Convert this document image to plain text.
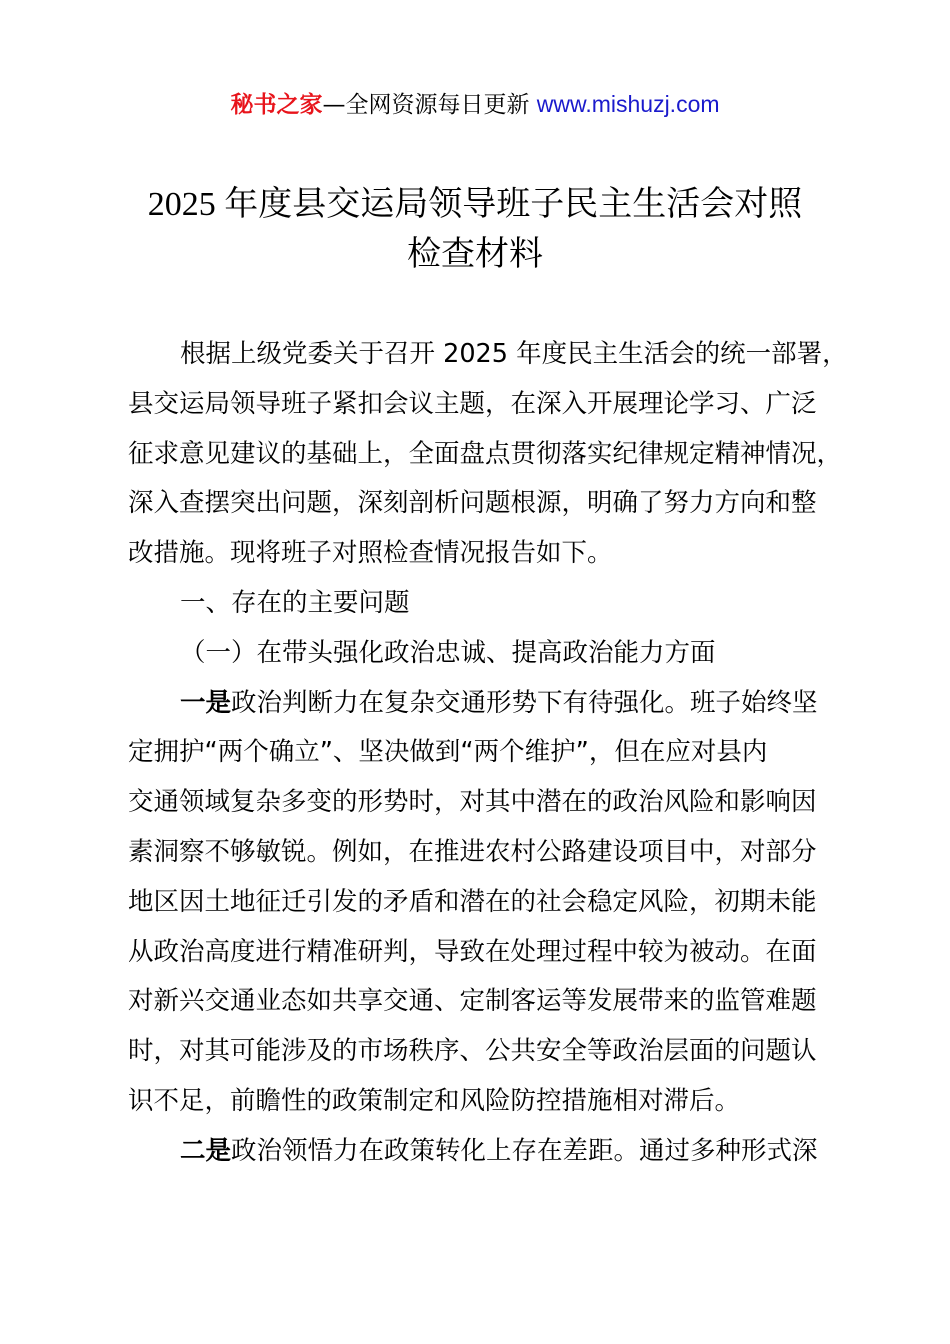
秘书之家—全网资源每日更新 www.mishuzj.com
2025 年度县交运局领导班子民主生活会对照
检查材料
根据上级党委关于召开 2025 年度民主生活会的统一部署，
县交运局领导班子紧扣会议主题，在深入开展理论学习、广泛
征求意见建议的基础上，全面盘点贯彻落实纪律规定精神情况，
深入查摆突出问题，深刻剖析问题根源，明确了努力方向和整
改措施。现将班子对照检查情况报告如下。
一、存在的主要问题
（一）在带头强化政治忠诚、提高政治能力方面
一是政治判断力在复杂交通形势下有待强化。班子始终坚
定拥护“两个确立”、坚决做到“两个维护”，但在应对县内
交通领域复杂多变的形势时，对其中潜在的政治风险和影响因
素洞察不够敏锐。例如，在推进农村公路建设项目中，对部分
地区因土地征迁引发的矛盾和潜在的社会稳定风险，初期未能
从政治高度进行精准研判，导致在处理过程中较为被动。在面
对新兴交通业态如共享交通、定制客运等发展带来的监管难题
时，对其可能涉及的市场秩序、公共安全等政治层面的问题认
识不足，前瞻性的政策制定和风险防控措施相对滞后。
二是政治领悟力在政策转化上存在差距。通过多种形式深
